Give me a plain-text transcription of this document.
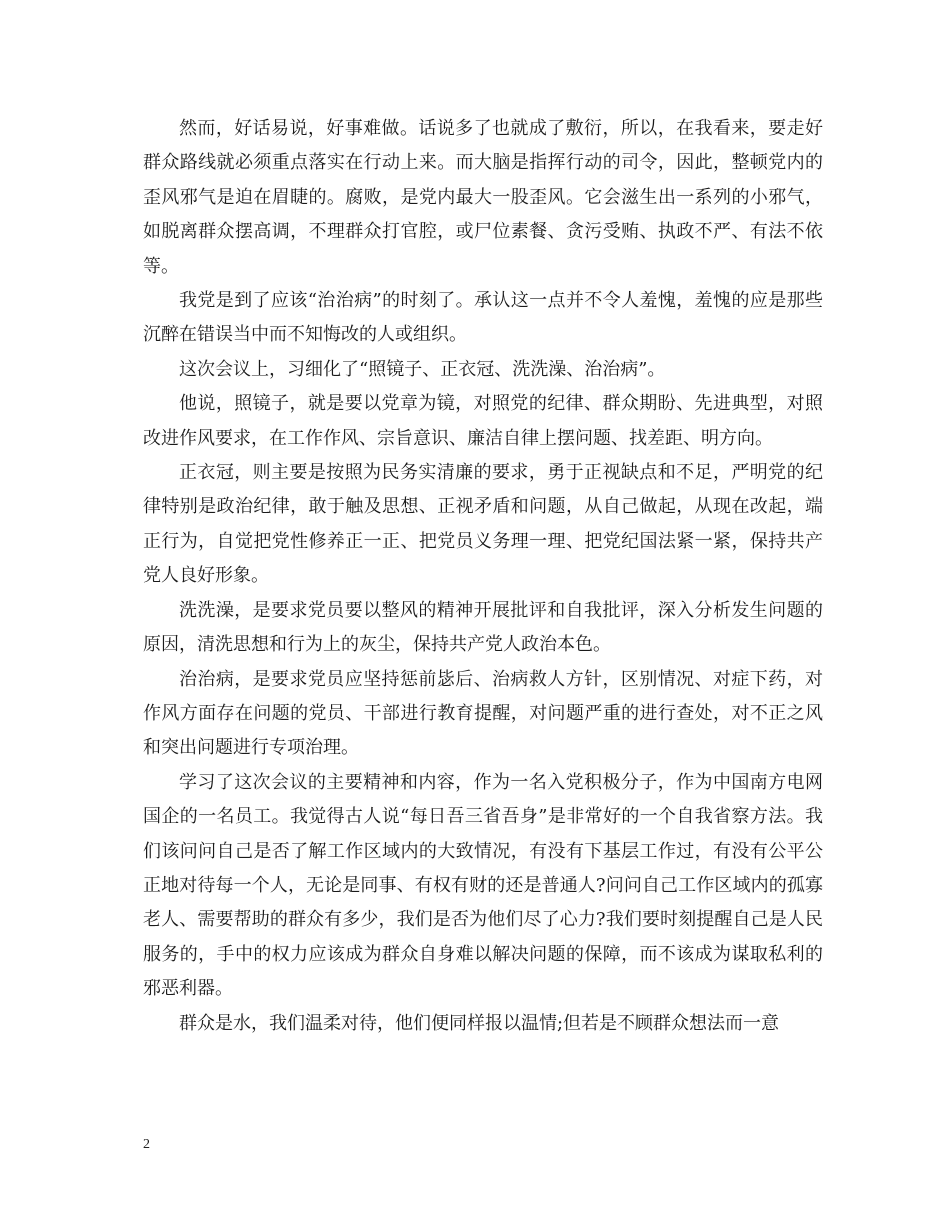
然而，好话易说，好事难做。话说多了也就成了敷衍，所以，在我看来，要走好群众路线就必须重点落实在行动上来。而大脑是指挥行动的司令，因此，整顿党内的歪风邪气是迫在眉睫的。腐败，是党内最大一股歪风。它会滋生出一系列的小邪气，如脱离群众摆高调，不理群众打官腔，或尸位素餐、贪污受贿、执政不严、有法不依等。

我党是到了应该“治治病”的时刻了。承认这一点并不令人羞愧，羞愧的应是那些沉醉在错误当中而不知悔改的人或组织。

这次会议上，习细化了“照镜子、正衣冠、洗洗澡、治治病”。

他说，照镜子，就是要以党章为镜，对照党的纪律、群众期盼、先进典型，对照改进作风要求，在工作作风、宗旨意识、廉洁自律上摆问题、找差距、明方向。

正衣冠，则主要是按照为民务实清廉的要求，勇于正视缺点和不足，严明党的纪律特别是政治纪律，敢于触及思想、正视矛盾和问题，从自己做起，从现在改起，端正行为，自觉把党性修养正一正、把党员义务理一理、把党纪国法紧一紧，保持共产党人良好形象。

洗洗澡，是要求党员要以整风的精神开展批评和自我批评，深入分析发生问题的原因，清洗思想和行为上的灰尘，保持共产党人政治本色。

治治病，是要求党员应坚持惩前毖后、治病救人方针，区别情况、对症下药，对作风方面存在问题的党员、干部进行教育提醒，对问题严重的进行查处，对不正之风和突出问题进行专项治理。

学习了这次会议的主要精神和内容，作为一名入党积极分子，作为中国南方电网国企的一名员工。我觉得古人说“每日吾三省吾身”是非常好的一个自我省察方法。我们该问问自己是否了解工作区域内的大致情况，有没有下基层工作过，有没有公平公正地对待每一个人，无论是同事、有权有财的还是普通人?问问自己工作区域内的孤寡老人、需要帮助的群众有多少，我们是否为他们尽了心力?我们要时刻提醒自己是人民服务的，手中的权力应该成为群众自身难以解决问题的保障，而不该成为谋取私利的邪恶利器。

群众是水，我们温柔对待，他们便同样报以温情;但若是不顾群众想法而一意

2
